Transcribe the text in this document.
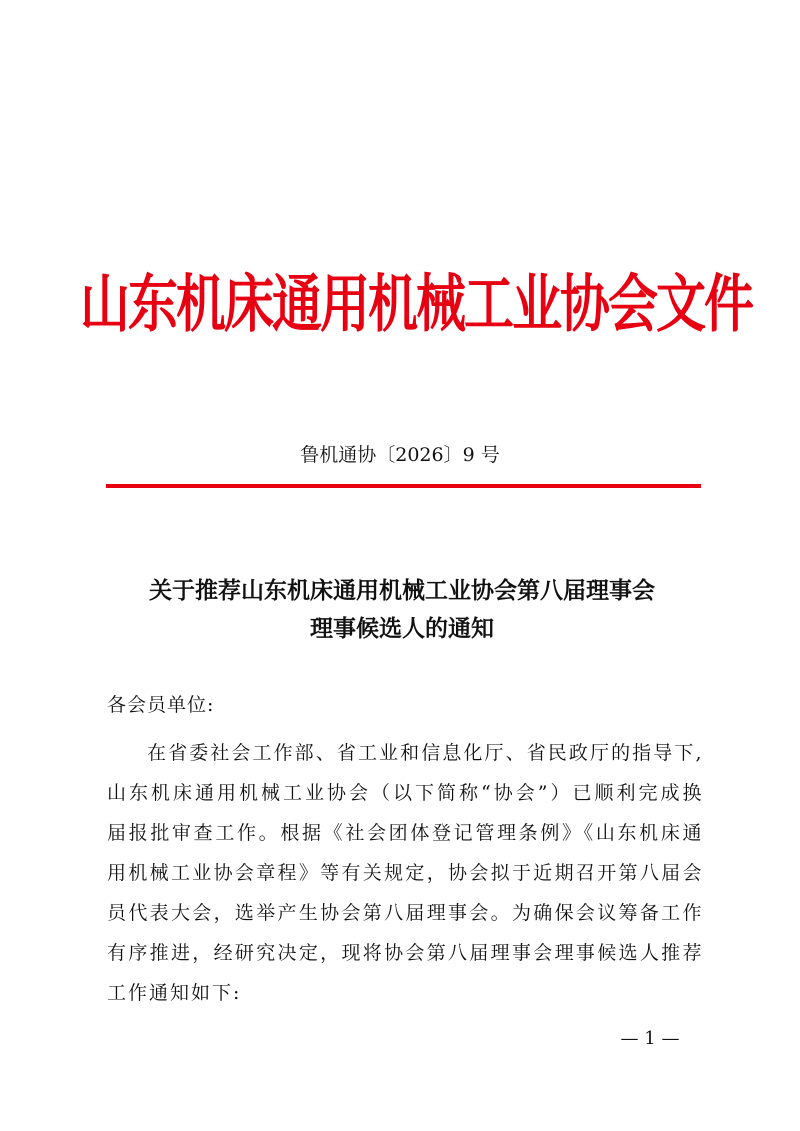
山东机床通用机械工业协会文件
鲁机通协〔2026〕9 号
关于推荐山东机床通用机械工业协会第八届理事会
理事候选人的通知
各会员单位:
在省委社会工作部、省工业和信息化厅、省民政厅的指导下,
山东机床通用机械工业协会（以下简称“协会”）已顺利完成换
届报批审查工作。根据《社会团体登记管理条例》《山东机床通
用机械工业协会章程》等有关规定，协会拟于近期召开第八届会
员代表大会，选举产生协会第八届理事会。为确保会议筹备工作
有序推进，经研究决定，现将协会第八届理事会理事候选人推荐
工作通知如下:
— 1 —
